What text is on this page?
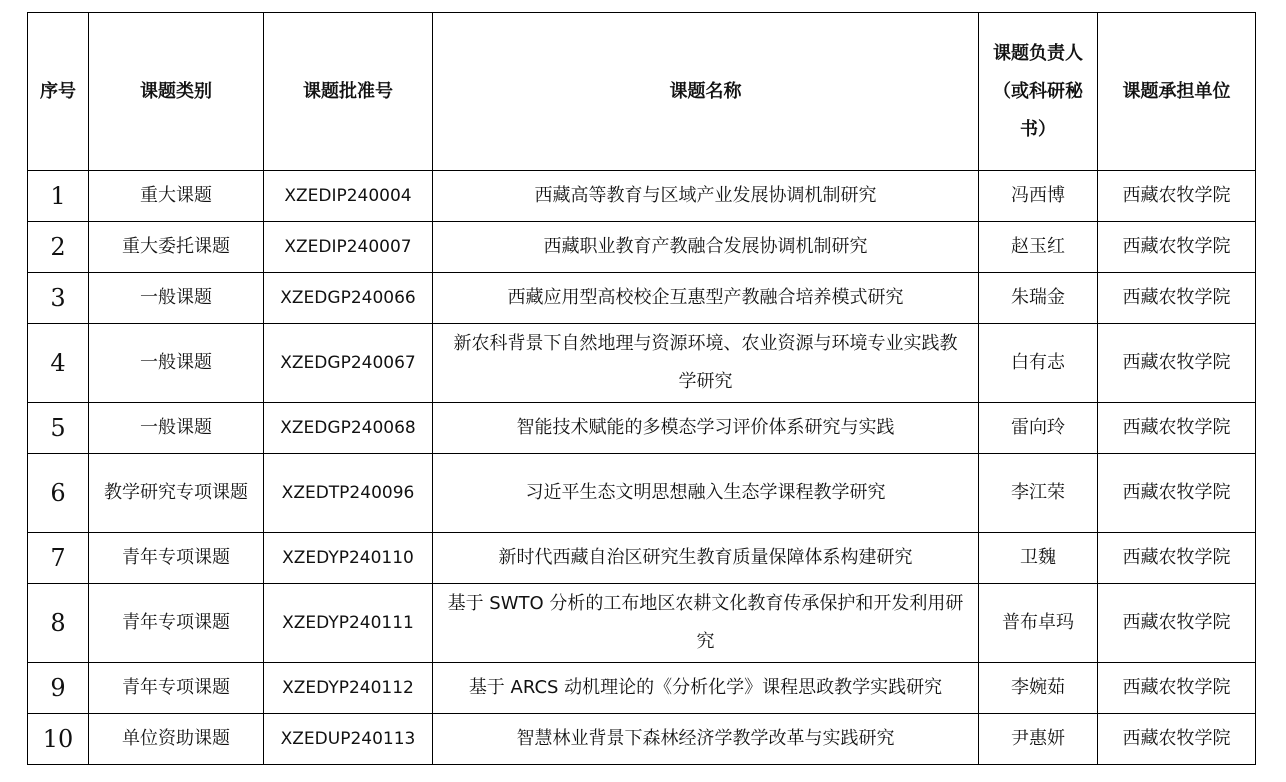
序号	课题类别	课题批准号	课题名称	课题负责人（或科研秘书）	课题承担单位
1	重大课题	XZEDIP240004	西藏高等教育与区域产业发展协调机制研究	冯西博	西藏农牧学院
2	重大委托课题	XZEDIP240007	西藏职业教育产教融合发展协调机制研究	赵玉红	西藏农牧学院
3	一般课题	XZEDGP240066	西藏应用型高校校企互惠型产教融合培养模式研究	朱瑞金	西藏农牧学院
4	一般课题	XZEDGP240067	新农科背景下自然地理与资源环境、农业资源与环境专业实践教学研究	白有志	西藏农牧学院
5	一般课题	XZEDGP240068	智能技术赋能的多模态学习评价体系研究与实践	雷向玲	西藏农牧学院
6	教学研究专项课题	XZEDTP240096	习近平生态文明思想融入生态学课程教学研究	李江荣	西藏农牧学院
7	青年专项课题	XZEDYP240110	新时代西藏自治区研究生教育质量保障体系构建研究	卫魏	西藏农牧学院
8	青年专项课题	XZEDYP240111	基于 SWTO 分析的工布地区农耕文化教育传承保护和开发利用研究	普布卓玛	西藏农牧学院
9	青年专项课题	XZEDYP240112	基于 ARCS 动机理论的《分析化学》课程思政教学实践研究	李婉茹	西藏农牧学院
10	单位资助课题	XZEDUP240113	智慧林业背景下森林经济学教学改革与实践研究	尹惠妍	西藏农牧学院
